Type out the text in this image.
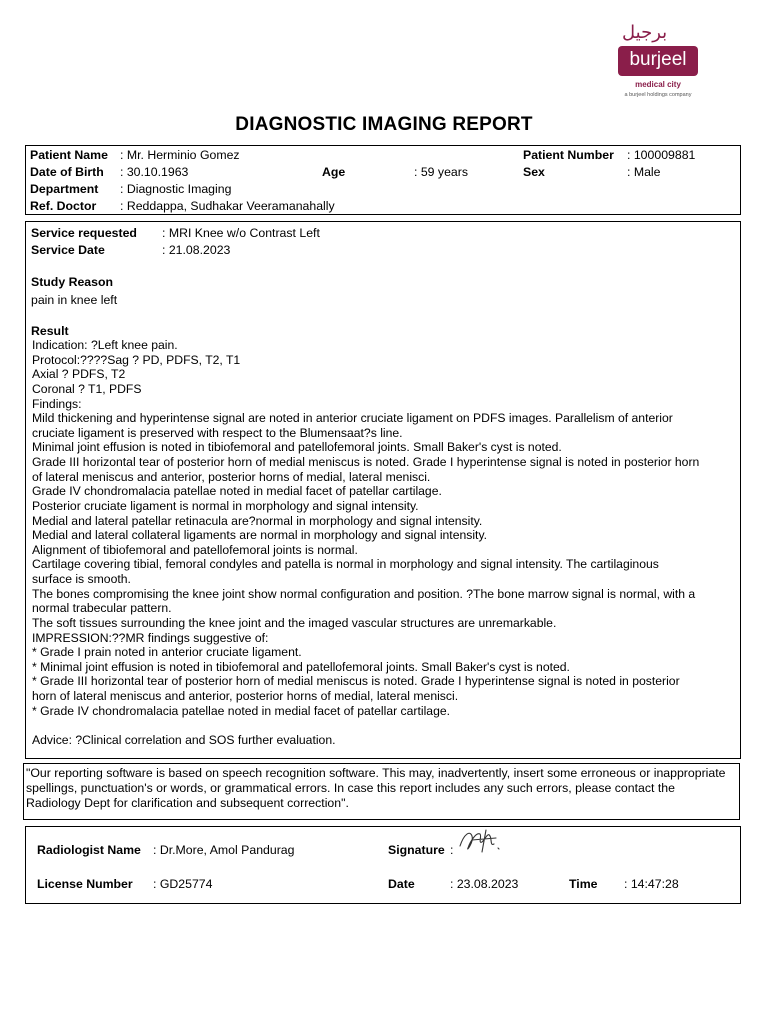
برجيل
burjeel
medical city
a burjeel holdings company
DIAGNOSTIC IMAGING REPORT
Patient Name : Mr. Herminio Gomez	Patient Number : 100009881
Date of Birth : 30.10.1963	Age	: 59 years	Sex	: Male
Department : Diagnostic Imaging
Ref. Doctor : Reddappa, Sudhakar Veeramanahally
Service requested : MRI Knee w/o Contrast Left
Service Date	: 21.08.2023
Study Reason
pain in knee left
Result
Indication: ?Left knee pain.
Protocol:????Sag ? PD, PDFS, T2, T1
Axial ? PDFS, T2
Coronal ? T1, PDFS
Findings:
Mild thickening and hyperintense signal are noted in anterior cruciate ligament on PDFS images. Parallelism of anterior
cruciate ligament is preserved with respect to the Blumensaat?s line.
Minimal joint effusion is noted in tibiofemoral and patellofemoral joints. Small Baker's cyst is noted.
Grade III horizontal tear of posterior horn of medial meniscus is noted. Grade I hyperintense signal is noted in posterior horn
of lateral meniscus and anterior, posterior horns of medial, lateral menisci.
Grade IV chondromalacia patellae noted in medial facet of patellar cartilage.
Posterior cruciate ligament is normal in morphology and signal intensity.
Medial and lateral patellar retinacula are?normal in morphology and signal intensity.
Medial and lateral collateral ligaments are normal in morphology and signal intensity.
Alignment of tibiofemoral and patellofemoral joints is normal.
Cartilage covering tibial, femoral condyles and patella is normal in morphology and signal intensity. The cartilaginous
surface is smooth.
The bones compromising the knee joint show normal configuration and position. ?The bone marrow signal is normal, with a
normal trabecular pattern.
The soft tissues surrounding the knee joint and the imaged vascular structures are unremarkable.
IMPRESSION:??MR findings suggestive of:
* Grade I prain noted in anterior cruciate ligament.
* Minimal joint effusion is noted in tibiofemoral and patellofemoral joints. Small Baker's cyst is noted.
* Grade III horizontal tear of posterior horn of medial meniscus is noted. Grade I hyperintense signal is noted in posterior
horn of lateral meniscus and anterior, posterior horns of medial, lateral menisci.
* Grade IV chondromalacia patellae noted in medial facet of patellar cartilage.
Advice: ?Clinical correlation and SOS further evaluation.
"Our reporting software is based on speech recognition software. This may, inadvertently, insert some erroneous or inappropriate spellings, punctuation's or words, or grammatical errors. In case this report includes any such errors, please contact the Radiology Dept for clarification and subsequent correction".
Radiologist Name : Dr.More, Amol Pandurag	Signature :
License Number : GD25774	Date	: 23.08.2023	Time : 14:47:28
